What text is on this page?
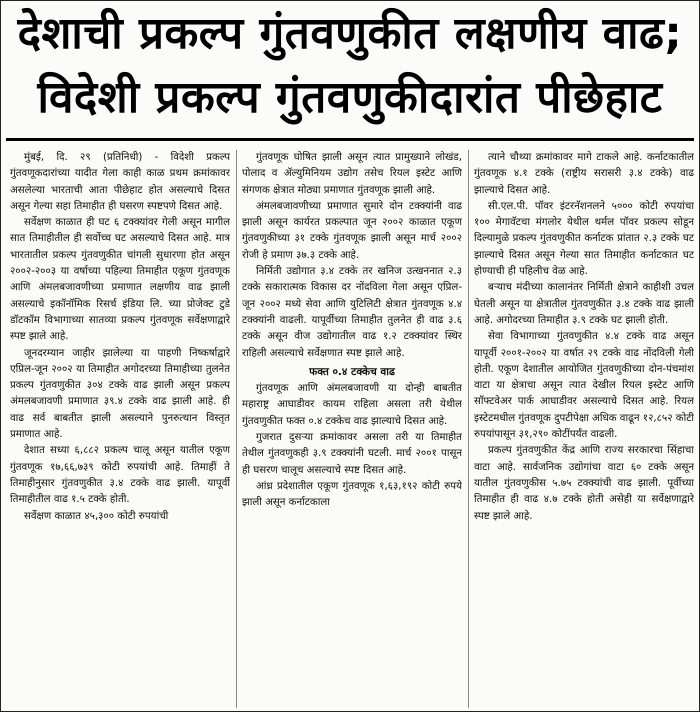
देशाची प्रकल्प गुंतवणुकीत लक्षणीय वाढ;
विदेशी प्रकल्प गुंतवणुकीदारांत पीछेहाट

मुंबई, दि. २९ (प्रतिनिधी) - विदेशी प्रकल्प गुंतवणूकदारांच्या यादीत गेला काही काळ प्रथम क्रमांकावर असलेल्या भारताची आता पीछेहाट होत असल्याचे दिसत असून गेल्या सहा तिमाहीत ही घसरण स्पष्टपणे दिसत आहे.

सर्वेक्षण काळात ही घट ६ टक्क्यांवर गेली असून मागील सात तिमाहीतील ही सर्वोच्च घट असल्याचे दिसत आहे. मात्र भारतातील प्रकल्प गुंतवणुकीत चांगली सुधारणा होत असून २००२-२००३ या वर्षाच्या पहिल्या तिमाहीत एकूण गुंतवणूक आणि अंमलबजावणीच्या प्रमाणात लक्षणीय वाढ झाली असल्याचे इकॉनॉमिक रिसर्च इंडिया लि. च्या प्रोजेक्ट टुडे डॉटकॉम विभागाच्या सातव्या प्रकल्प गुंतवणूक सर्वेक्षणाद्वारे स्पष्ट झाले आहे.

जूनदरम्यान जाहीर झालेल्या या पाहणी निष्कर्षाद्वारे एप्रिल-जून २००२ या तिमाहीत अगोदरच्या तिमाहीच्या तुलनेत प्रकल्प गुंतवणुकीत ३०४ टक्के वाढ झाली असून प्रकल्प अंमलबजावणी प्रमाणात ३९.४ टक्के वाढ झाली आहे. ही वाढ सर्व बाबतीत झाली असल्याने पुनरुत्थान विस्तृत प्रमाणात आहे.

देशात सध्या ६,८८२ प्रकल्प चालू असून यातील एकूण गुंतवणूक १७,६६,७३९ कोटी रुपयांची आहे. तिमाहीं ते तिमाहीनुसार गुंतवणुकीत ३.४ टक्के वाढ झाली. यापूर्वी तिमाहीतील वाढ १.५ टक्के होती.

सर्वेक्षण काळात ४५,३०० कोटी रुपयांची

गुंतवणूक घोषित झाली असून त्यात प्रामुख्याने लोखंड, पोलाद व ॲल्युमिनियम उद्योग तसेच रियल इस्टेट आणि संगणक क्षेत्रात मोठ्या प्रमाणात गुंतवणूक झाली आहे.

अंमलबजावणीच्या प्रमाणात सुमारे दोन टक्क्यांनी वाढ झाली असून कार्यरत प्रकल्पात जून २००२ काळात एकूण गुंतवणुकीच्या ३१ टक्के गुंतवणूक झाली असून मार्च २००२ रोजी हे प्रमाण ३७.३ टक्के आहे.

निर्मिती उद्योगात ३.४ टक्के तर खनिज उत्खननात २.३ टक्के सकारात्मक विकास दर नोंदविला गेला असून एप्रिल-जून २००२ मध्ये सेवा आणि युटिलिटी क्षेत्रात गुंतवणूक ४.४ टक्क्यांनी वाढली. यापूर्वीच्या तिमाहीत तुलनेत ही वाढ ३.६ टक्के असून वीज उद्योगातील वाढ १.२ टक्क्यांवर स्थिर राहिली असल्याचे सर्वेक्षणात स्पष्ट झाले आहे.

फक्त ०.४ टक्केच वाढ

गुंतवणूक आणि अंमलबजावणी या दोन्ही बाबतीत महाराष्ट्र आघाडीवर कायम राहिला असला तरी येथील गुंतवणुकीत फक्त ०.४ टक्केच वाढ झाल्याचे दिसत आहे.

गुजरात दुसऱ्या क्रमांकावर असला तरी या तिमाहीत तेथील गुंतवणुकही ३.९ टक्क्यांनी घटली. मार्च २००१ पासून ही घसरण चालूच असल्याचे स्पष्ट दिसत आहे.

आंध्र प्रदेशातील एकूण गुंतवणूक १,६३,१९२ कोटी रुपये झाली असून कर्नाटकाला

त्याने चौथ्या क्रमांकावर मागे टाकले आहे. कर्नाटकातील गुंतवणूक ४.१ टक्के (राष्ट्रीय सरासरी ३.४ टक्के) वाढ झाल्याचे दिसत आहे.

सी.एल.पी. पॉवर इंटरनॅशनलने ५००० कोटी रुपयांचा १०० मेगावॅटचा मंगलोर येथील थर्मल पॉवर प्रकल्प सोडून दिल्यामुळे प्रकल्प गुंतवणुकीत कर्नाटक प्रांतात २.३ टक्के घट झाल्याचे दिसत असून गेल्या सात तिमाहीत कर्नाटकात घट होण्याची ही पहिलीच वेळ आहे.

बऱ्याच मंदीच्या कालानंतर निर्मिती क्षेत्राने काहीशी उचल घेतली असून या क्षेत्रातील गुंतवणुकीत ३.४ टक्के वाढ झाली आहे. अगोदरच्या तिमाहीत ३.९ टक्के घट झाली होती.

सेवा विभागाच्या गुंतवणुकीत ४.४ टक्के वाढ असून यापूर्वी २००१-२००२ या वर्षात २९ टक्के वाढ नोंदविली गेली होती. एकूण देशातील आयोजित गुंतवणुकीच्या दोन-पंचमांश वाटा या क्षेत्राचा असून त्यात देखील रियल इस्टेट आणि सॉफ्टवेअर पार्क आघाडीवर असल्याचे दिसत आहे. रियल इस्टेटमधील गुंतवणूक दुपटीपेक्षा अधिक वाढून १२,८५२ कोटी रुपयांपासून ३१,२९० कोटींपर्यंत वाढली.

प्रकल्प गुंतवणुकीत केंद्र आणि राज्य सरकारचा सिंहाचा वाटा आहे. सार्वजनिक उद्योगांचा वाटा ६० टक्के असून यातील गुंतवणुकीस ५.७५ टक्क्यांची वाढ झाली. पूर्वीच्या तिमाहीत ही वाढ ४.७ टक्के होती असेही या सर्वेक्षणाद्वारे स्पष्ट झाले आहे.
